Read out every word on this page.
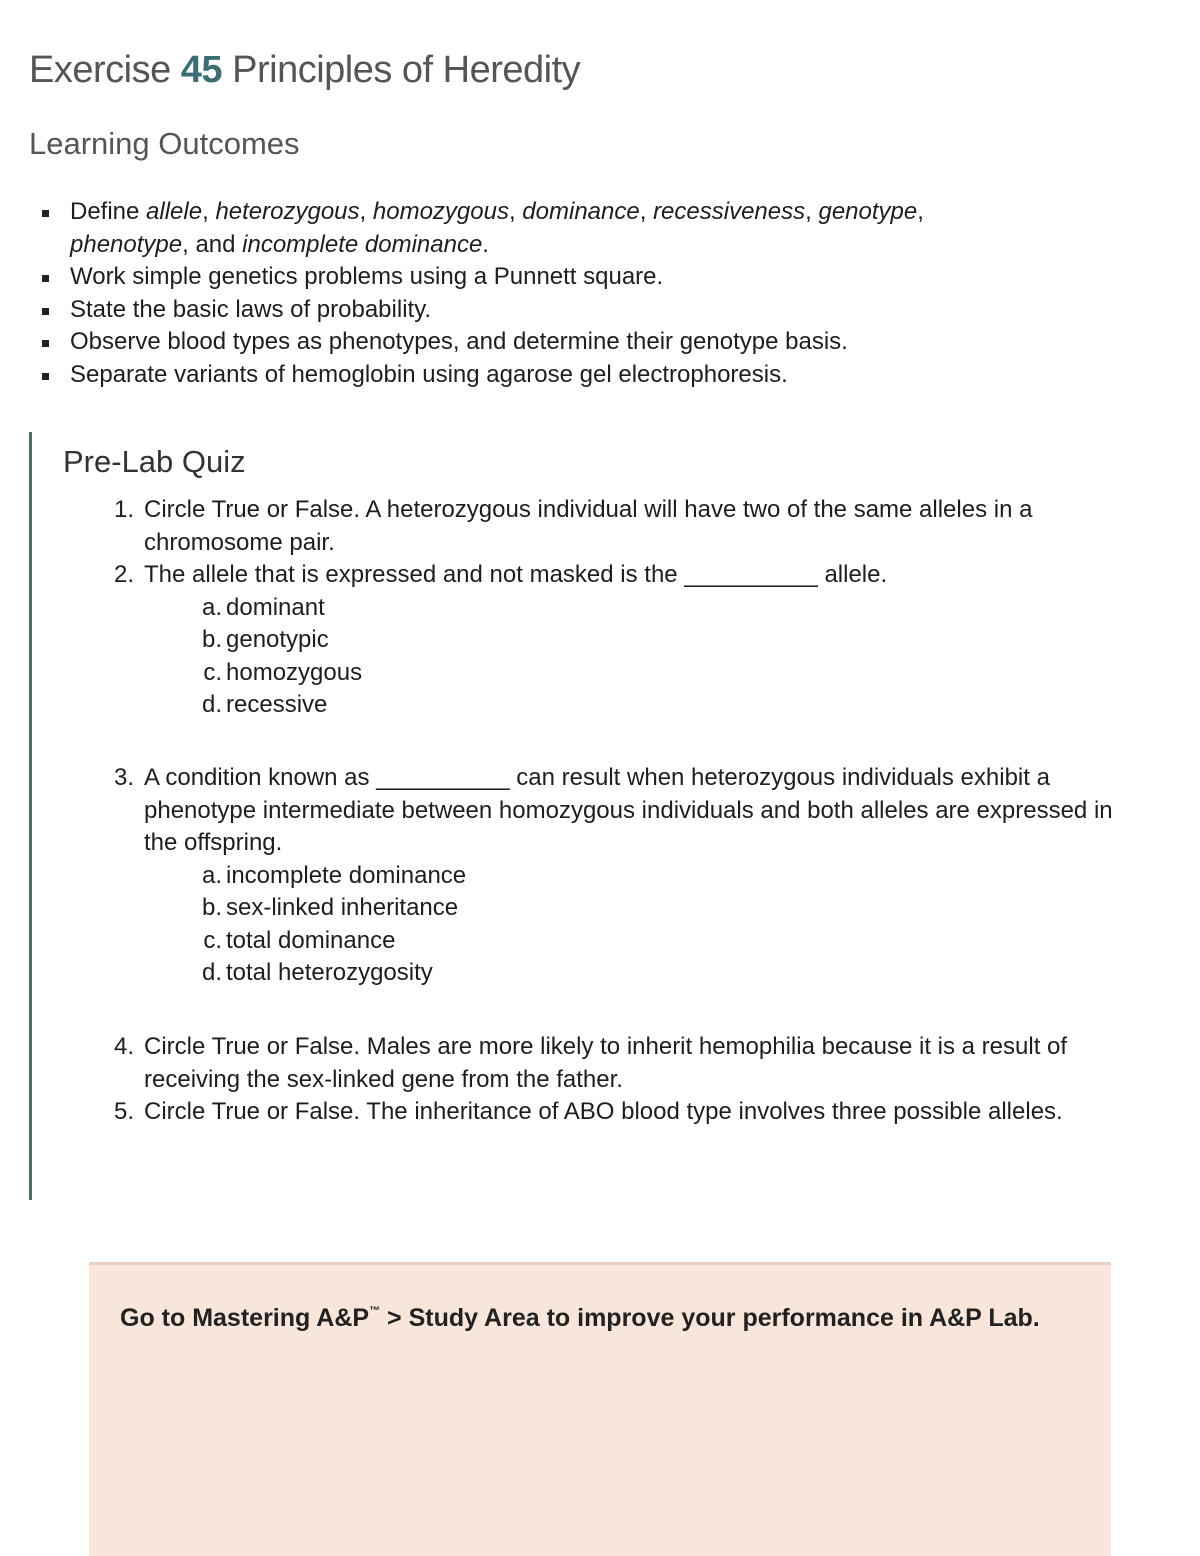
Exercise 45 Principles of Heredity
Learning Outcomes
Define allele, heterozygous, homozygous, dominance, recessiveness, genotype,
phenotype, and incomplete dominance.
Work simple genetics problems using a Punnett square.
State the basic laws of probability.
Observe blood types as phenotypes, and determine their genotype basis.
Separate variants of hemoglobin using agarose gel electrophoresis.
Pre-Lab Quiz
1. Circle True or False. A heterozygous individual will have two of the same alleles in a chromosome pair.
2. The allele that is expressed and not masked is the __________ allele.
a. dominant
b. genotypic
c. homozygous
d. recessive
3. A condition known as __________ can result when heterozygous individuals exhibit a phenotype intermediate between homozygous individuals and both alleles are expressed in the offspring.
a. incomplete dominance
b. sex-linked inheritance
c. total dominance
d. total heterozygosity
4. Circle True or False. Males are more likely to inherit hemophilia because it is a result of receiving the sex-linked gene from the father.
5. Circle True or False. The inheritance of ABO blood type involves three possible alleles.

Go to Mastering A&P™ > Study Area to improve your performance in A&P Lab.
